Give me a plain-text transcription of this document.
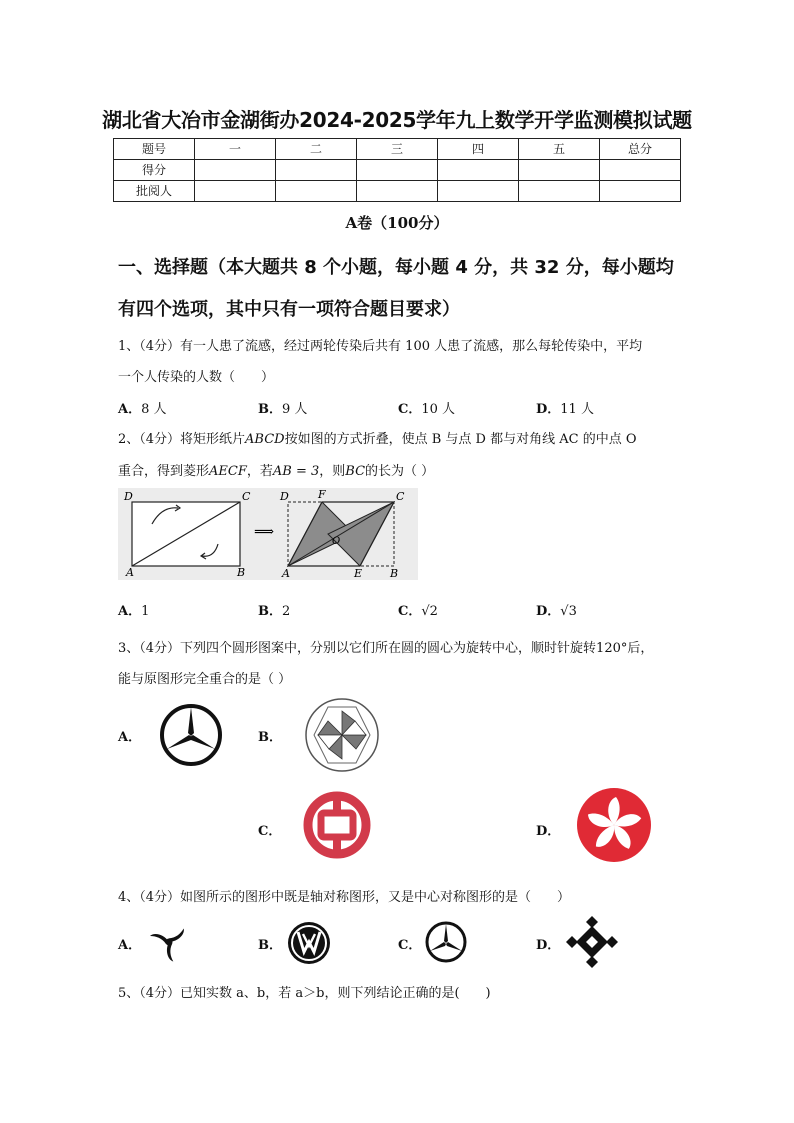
湖北省大冶市金湖街办2024-2025学年九上数学开学监测模拟试题
题号	一	二	三	四	五	总分
得分						
批阅人						
A卷（100分）
一、选择题（本大题共 8 个小题，每小题 4 分，共 32 分，每小题均
有四个选项，其中只有一项符合题目要求）
1、（4分）有一人患了流感，经过两轮传染后共有 100 人患了流感，那么每轮传染中，平均
一个人传染的人数（　　）
A．8 人	B．9 人	C．10 人	D．11 人
2、（4分）将矩形纸片ABCD按如图的方式折叠，使点 B 与点 D 都与对角线 AC 的中点 O
重合，得到菱形AECF，若AB = 3，则BC的长为（ ）
D	C
A	B
⟹
D	F	C
O
A	E	B
A．1	B．2	C．√2	D．√3
3、（4分）下列四个圆形图案中，分别以它们所在圆的圆心为旋转中心，顺时针旋转120°后，
能与原图形完全重合的是（ ）
A．	B．
C．	D．
4、（4分）如图所示的图形中既是轴对称图形，又是中心对称图形的是（　　）
A．	B．	C．	D．
5、（4分）已知实数 a、b，若 a＞b，则下列结论正确的是(　　)
